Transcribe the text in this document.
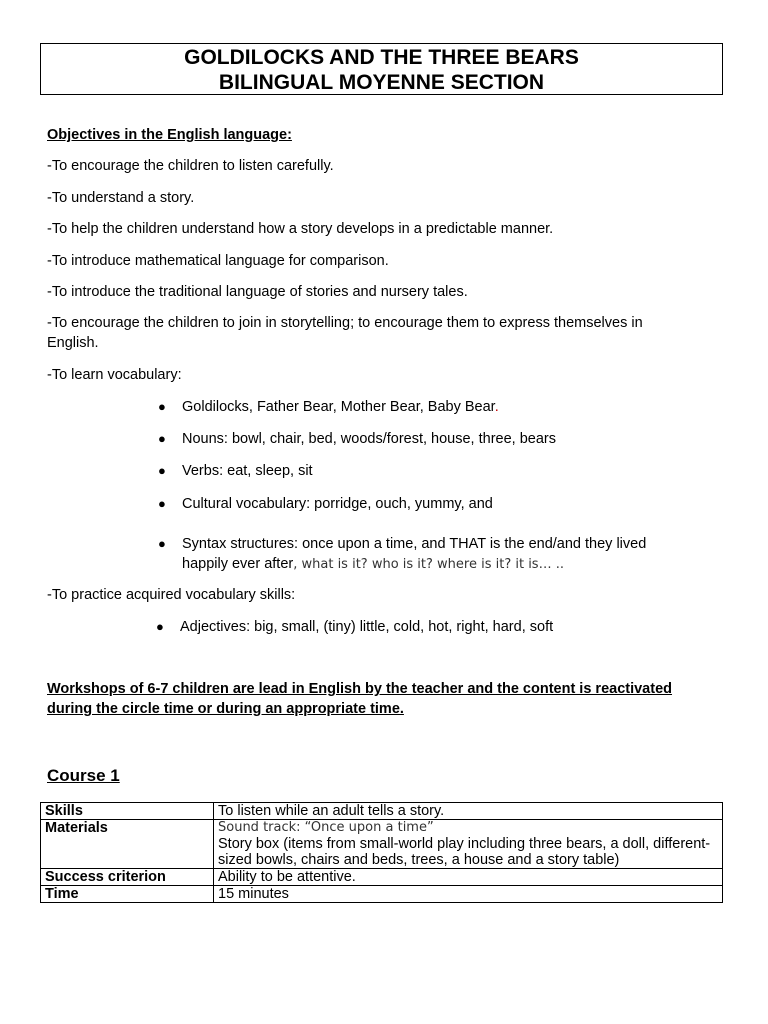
GOLDILOCKS AND THE THREE BEARS
BILINGUAL MOYENNE SECTION
Objectives in the English language:
-To encourage the children to listen carefully.
-To understand a story.
-To help the children understand how a story develops in a predictable manner.
-To introduce mathematical language for comparison.
-To introduce the traditional language of stories and nursery tales.
-To encourage the children to join in storytelling; to encourage them to express themselves in English.
-To learn vocabulary:
● Goldilocks, Father Bear, Mother Bear, Baby Bear.
● Nouns: bowl, chair, bed, woods/forest, house, three, bears
● Verbs: eat, sleep, sit
● Cultural vocabulary: porridge, ouch, yummy, and
● Syntax structures: once upon a time, and THAT is the end/and they lived
happily ever after, what is it? who is it? where is it? it is… ..
-To practice acquired vocabulary skills:
● Adjectives: big, small, (tiny) little, cold, hot, right, hard, soft
Workshops of 6-7 children are lead in English by the teacher and the content is reactivated
during the circle time or during an appropriate time.
Course 1
Skills	To listen while an adult tells a story.
Materials	Sound track: “Once upon a time”
Story box (items from small-world play including three bears, a doll, different-sized bowls, chairs and beds, trees, a house and a story table)

Success criterion	Ability to be attentive.
Time	15 minutes
